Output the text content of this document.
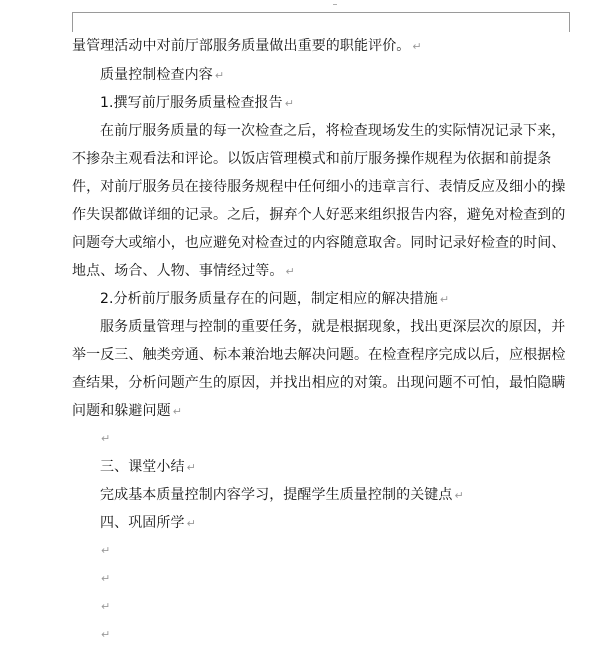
量管理活动中对前厅部服务质量做出重要的职能评价。 ↵
质量控制检查内容 ↵
1.撰写前厅服务质量检查报告 ↵
在前厅服务质量的每一次检查之后，将检查现场发生的实际情况记录下来，
不掺杂主观看法和评论。以饭店管理模式和前厅服务操作规程为依据和前提条
件，对前厅服务员在接待服务规程中任何细小的违章言行、表情反应及细小的操
作失误都做详细的记录。之后，摒弃个人好恶来组织报告内容，避免对检查到的
问题夸大或缩小，也应避免对检查过的内容随意取舍。同时记录好检查的时间、
地点、场合、人物、事情经过等。 ↵
2.分析前厅服务质量存在的问题，制定相应的解决措施 ↵
服务质量管理与控制的重要任务，就是根据现象，找出更深层次的原因，并
举一反三、触类旁通、标本兼治地去解决问题。在检查程序完成以后，应根据检
查结果，分析问题产生的原因，并找出相应的对策。出现问题不可怕，最怕隐瞒
问题和躲避问题 ↵
↵
三、课堂小结 ↵
完成基本质量控制内容学习，提醒学生质量控制的关键点 ↵
四、巩固所学 ↵
↵
↵
↵
↵
